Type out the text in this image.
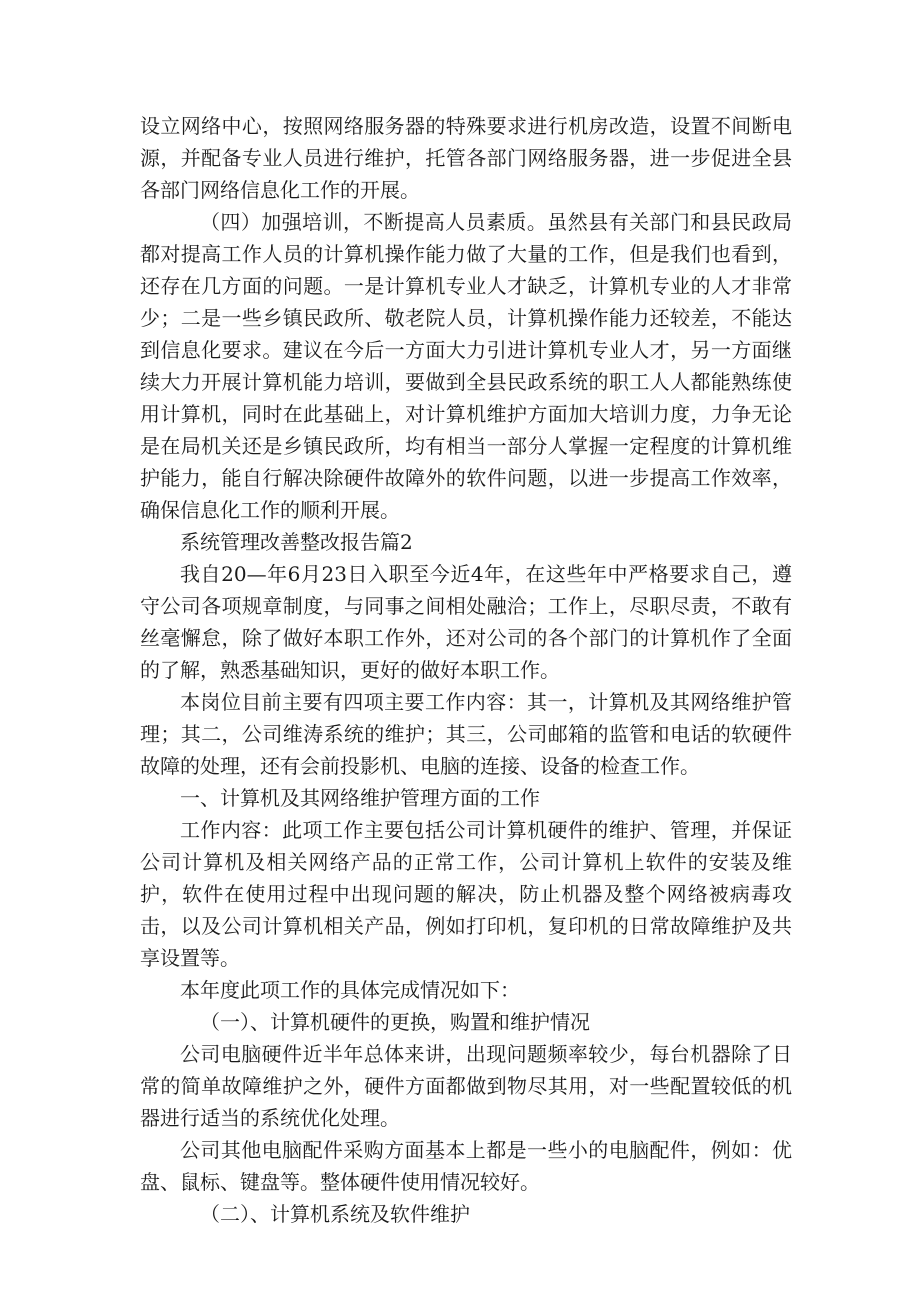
设立网络中心，按照网络服务器的特殊要求进行机房改造，设置不间断电源，并配备专业人员进行维护，托管各部门网络服务器，进一步促进全县各部门网络信息化工作的开展。

（四）加强培训，不断提高人员素质。虽然县有关部门和县民政局都对提高工作人员的计算机操作能力做了大量的工作，但是我们也看到，还存在几方面的问题。一是计算机专业人才缺乏，计算机专业的人才非常少；二是一些乡镇民政所、敬老院人员，计算机操作能力还较差，不能达到信息化要求。建议在今后一方面大力引进计算机专业人才，另一方面继续大力开展计算机能力培训，要做到全县民政系统的职工人人都能熟练使用计算机，同时在此基础上，对计算机维护方面加大培训力度，力争无论是在局机关还是乡镇民政所，均有相当一部分人掌握一定程度的计算机维护能力，能自行解决除硬件故障外的软件问题，以进一步提高工作效率，确保信息化工作的顺利开展。

系统管理改善整改报告篇2

我自20—年6月23日入职至今近4年，在这些年中严格要求自己，遵守公司各项规章制度，与同事之间相处融洽；工作上，尽职尽责，不敢有丝毫懈怠，除了做好本职工作外，还对公司的各个部门的计算机作了全面的了解，熟悉基础知识，更好的做好本职工作。

本岗位目前主要有四项主要工作内容：其一，计算机及其网络维护管理；其二，公司维涛系统的维护；其三，公司邮箱的监管和电话的软硬件故障的处理，还有会前投影机、电脑的连接、设备的检查工作。

一、计算机及其网络维护管理方面的工作

工作内容：此项工作主要包括公司计算机硬件的维护、管理，并保证公司计算机及相关网络产品的正常工作，公司计算机上软件的安装及维护，软件在使用过程中出现问题的解决，防止机器及整个网络被病毒攻击，以及公司计算机相关产品，例如打印机，复印机的日常故障维护及共享设置等。

本年度此项工作的具体完成情况如下：

（一）、计算机硬件的更换，购置和维护情况

公司电脑硬件近半年总体来讲，出现问题频率较少，每台机器除了日常的简单故障维护之外，硬件方面都做到物尽其用，对一些配置较低的机器进行适当的系统优化处理。

公司其他电脑配件采购方面基本上都是一些小的电脑配件，例如：优盘、鼠标、键盘等。整体硬件使用情况较好。

（二）、计算机系统及软件维护
